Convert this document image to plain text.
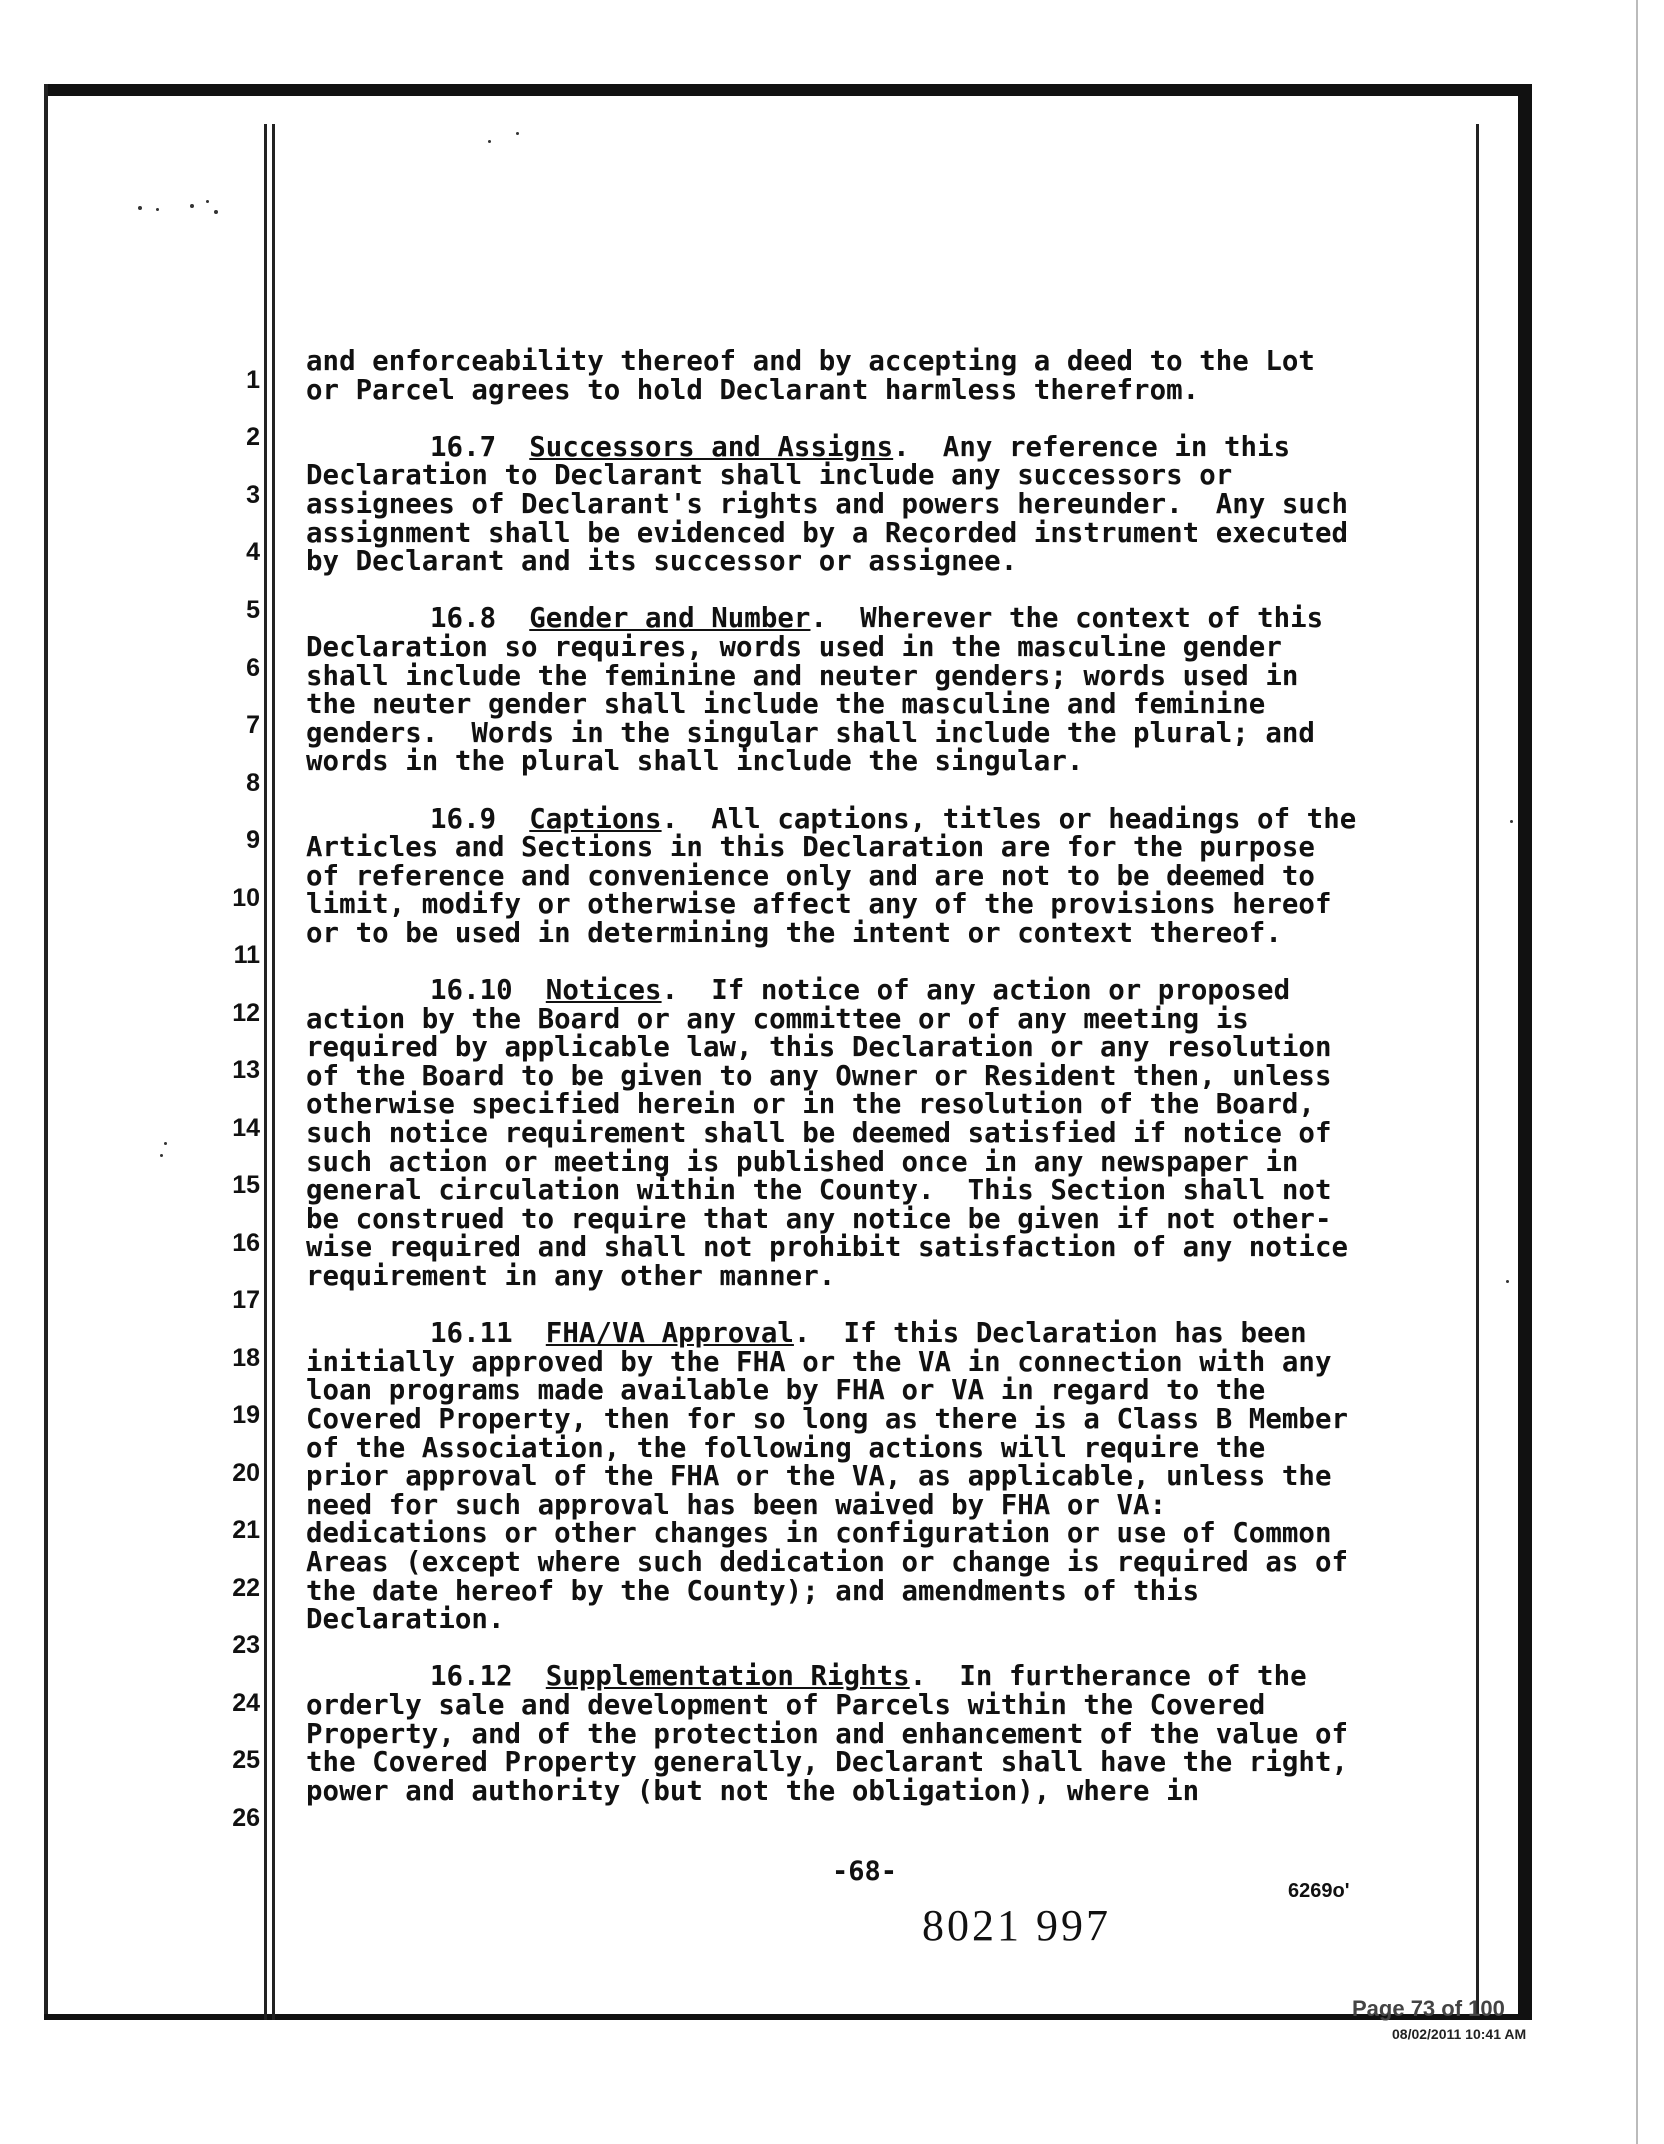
1
2
3
4
5
6
7
8
9
10
11
12
13
14
15
16
17
18
19
20
21
22
23
24
25
26

and enforceability thereof and by accepting a deed to the Lot
or Parcel agrees to hold Declarant harmless therefrom.

16.7 Successors and Assigns.  Any reference in this
Declaration to Declarant shall include any successors or
assignees of Declarant's rights and powers hereunder.  Any such
assignment shall be evidenced by a Recorded instrument executed
by Declarant and its successor or assignee.

16.8 Gender and Number.  Wherever the context of this
Declaration so requires, words used in the masculine gender
shall include the feminine and neuter genders; words used in
the neuter gender shall include the masculine and feminine
genders.  Words in the singular shall include the plural; and
words in the plural shall include the singular.

16.9 Captions.  All captions, titles or headings of the
Articles and Sections in this Declaration are for the purpose
of reference and convenience only and are not to be deemed to
limit, modify or otherwise affect any of the provisions hereof
or to be used in determining the intent or context thereof.

16.10 Notices.  If notice of any action or proposed
action by the Board or any committee or of any meeting is
required by applicable law, this Declaration or any resolution
of the Board to be given to any Owner or Resident then, unless
otherwise specified herein or in the resolution of the Board,
such notice requirement shall be deemed satisfied if notice of
such action or meeting is published once in any newspaper in
general circulation within the County.  This Section shall not
be construed to require that any notice be given if not other-
wise required and shall not prohibit satisfaction of any notice
requirement in any other manner.

16.11 FHA/VA Approval.  If this Declaration has been
initially approved by the FHA or the VA in connection with any
loan programs made available by FHA or VA in regard to the
Covered Property, then for so long as there is a Class B Member
of the Association, the following actions will require the
prior approval of the FHA or the VA, as applicable, unless the
need for such approval has been waived by FHA or VA:
dedications or other changes in configuration or use of Common
Areas (except where such dedication or change is required as of
the date hereof by the County); and amendments of this
Declaration.

16.12 Supplementation Rights.  In furtherance of the
orderly sale and development of Parcels within the Covered
Property, and of the protection and enhancement of the value of
the Covered Property generally, Declarant shall have the right,
power and authority (but not the obligation), where in

-68-
6269o'
8021 997
Page 73 of 100
08/02/2011 10:41 AM
